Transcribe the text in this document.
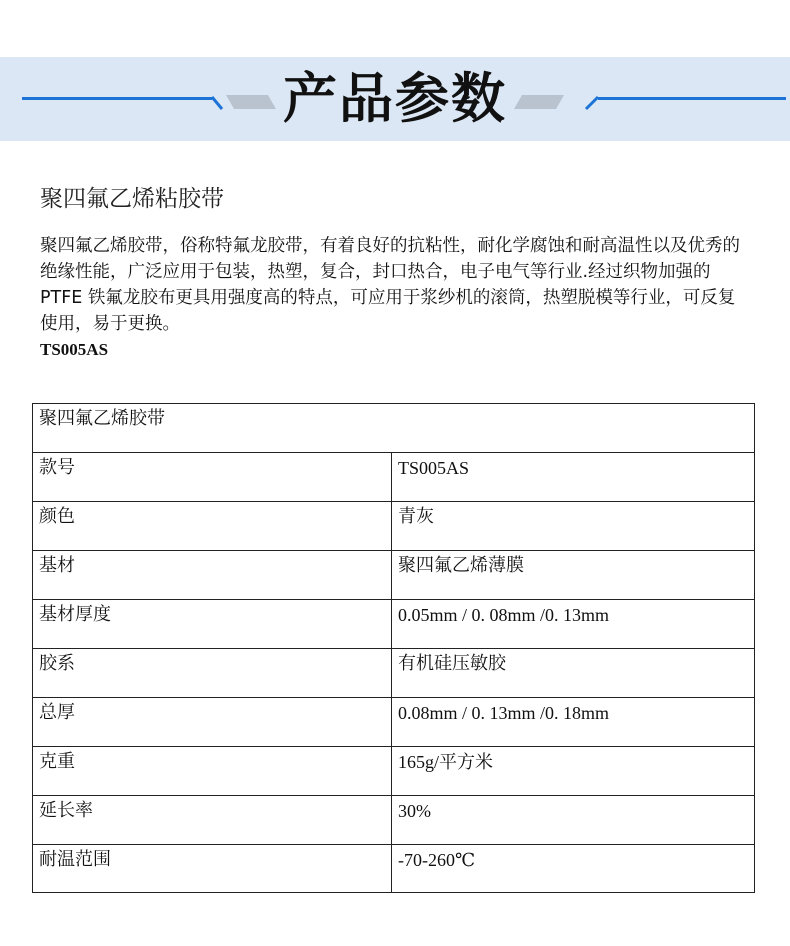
产品参数
聚四氟乙烯粘胶带
聚四氟乙烯胶带，俗称特氟龙胶带，有着良好的抗粘性，耐化学腐蚀和耐高温性以及优秀的绝缘性能，广泛应用于包装，热塑，复合，封口热合，电子电气等行业.经过织物加强的 PTFE 铁氟龙胶布更具用强度高的特点，可应用于浆纱机的滚筒，热塑脱模等行业，可反复使用，易于更换。
TS005AS
聚四氟乙烯胶带	
款号	TS005AS
颜色	青灰
基材	聚四氟乙烯薄膜
基材厚度	0.05mm / 0. 08mm /0. 13mm
胶系	有机硅压敏胶
总厚	0.08mm / 0. 13mm /0. 18mm
克重	165g/平方米
延长率	30%
耐温范围	-70-260℃
